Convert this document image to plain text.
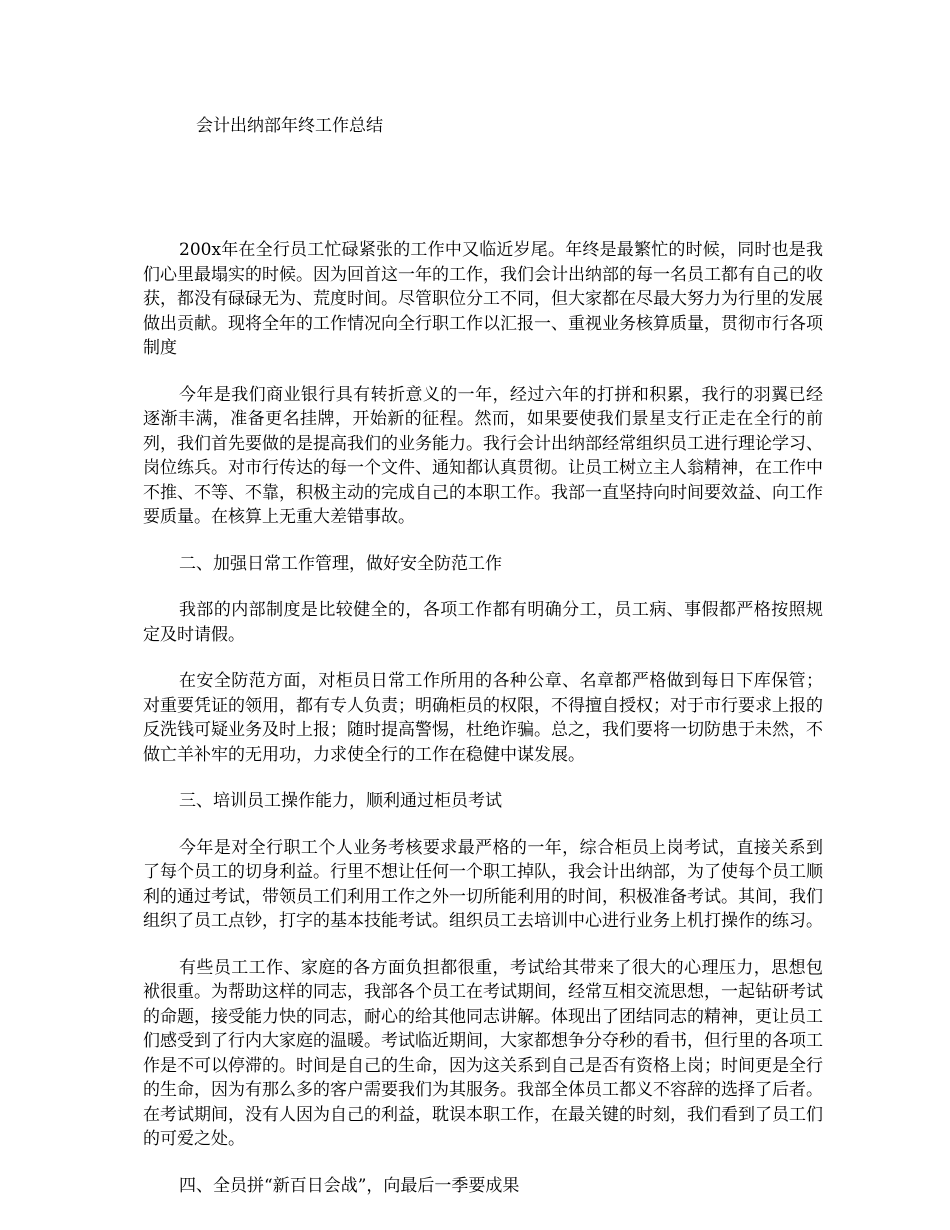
会计出纳部年终工作总结

200x年在全行员工忙碌紧张的工作中又临近岁尾。年终是最繁忙的时候，同时也是我们心里最塌实的时候。因为回首这一年的工作，我们会计出纳部的每一名员工都有自己的收获，都没有碌碌无为、荒度时间。尽管职位分工不同，但大家都在尽最大努力为行里的发展做出贡献。现将全年的工作情况向全行职工作以汇报一、重视业务核算质量，贯彻市行各项制度

今年是我们商业银行具有转折意义的一年，经过六年的打拼和积累，我行的羽翼已经逐渐丰满，准备更名挂牌，开始新的征程。然而，如果要使我们景星支行正走在全行的前列，我们首先要做的是提高我们的业务能力。我行会计出纳部经常组织员工进行理论学习、岗位练兵。对市行传达的每一个文件、通知都认真贯彻。让员工树立主人翁精神，在工作中不推、不等、不靠，积极主动的完成自己的本职工作。我部一直坚持向时间要效益、向工作要质量。在核算上无重大差错事故。

二、加强日常工作管理，做好安全防范工作

我部的内部制度是比较健全的，各项工作都有明确分工，员工病、事假都严格按照规定及时请假。

在安全防范方面，对柜员日常工作所用的各种公章、名章都严格做到每日下库保管；对重要凭证的领用，都有专人负责；明确柜员的权限，不得擅自授权；对于市行要求上报的反洗钱可疑业务及时上报；随时提高警惕，杜绝诈骗。总之，我们要将一切防患于未然，不做亡羊补牢的无用功，力求使全行的工作在稳健中谋发展。

三、培训员工操作能力，顺利通过柜员考试

今年是对全行职工个人业务考核要求最严格的一年，综合柜员上岗考试，直接关系到了每个员工的切身利益。行里不想让任何一个职工掉队，我会计出纳部，为了使每个员工顺利的通过考试，带领员工们利用工作之外一切所能利用的时间，积极准备考试。其间，我们组织了员工点钞，打字的基本技能考试。组织员工去培训中心进行业务上机打操作的练习。

有些员工工作、家庭的各方面负担都很重，考试给其带来了很大的心理压力，思想包袱很重。为帮助这样的同志，我部各个员工在考试期间，经常互相交流思想，一起钻研考试的命题，接受能力快的同志，耐心的给其他同志讲解。体现出了团结同志的精神，更让员工们感受到了行内大家庭的温暖。考试临近期间，大家都想争分夺秒的看书，但行里的各项工作是不可以停滞的。时间是自己的生命，因为这关系到自己是否有资格上岗；时间更是全行的生命，因为有那么多的客户需要我们为其服务。我部全体员工都义不容辞的选择了后者。在考试期间，没有人因为自己的利益，耽误本职工作，在最关键的时刻，我们看到了员工们的可爱之处。

四、全员拼“新百日会战”，向最后一季要成果
